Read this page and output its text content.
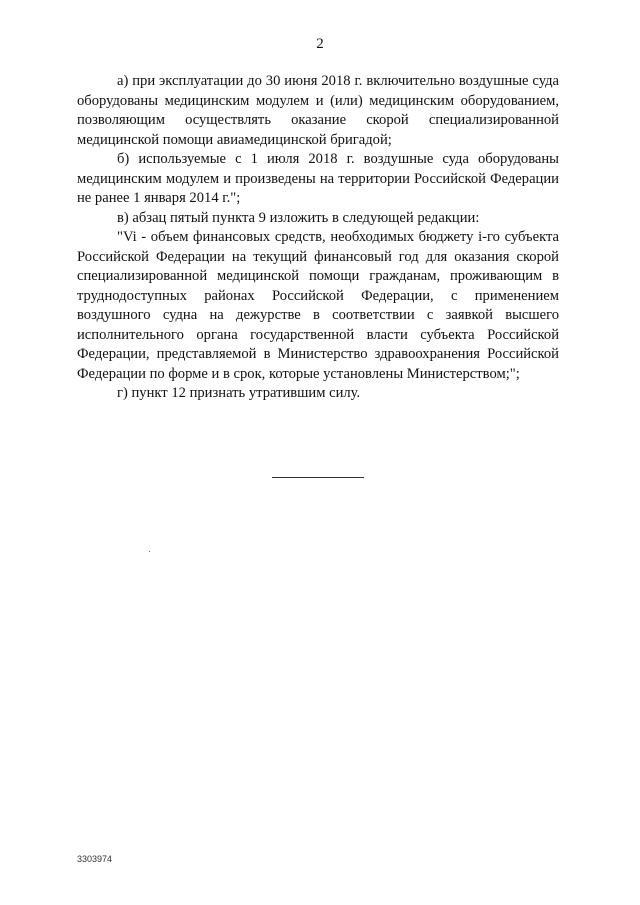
2

а) при эксплуатации до 30 июня 2018 г. включительно воздушные суда оборудованы медицинским модулем и (или) медицинским оборудованием, позволяющим осуществлять оказание скорой специализированной медицинской помощи авиамедицинской бригадой;

б) используемые с 1 июля 2018 г. воздушные суда оборудованы медицинским модулем и произведены на территории Российской Федерации не ранее 1 января 2014 г.";

в) абзац пятый пункта 9 изложить в следующей редакции:

"Vi - объем финансовых средств, необходимых бюджету i-го субъекта Российской Федерации на текущий финансовый год для оказания скорой специализированной медицинской помощи гражданам, проживающим в труднодоступных районах Российской Федерации, с применением воздушного судна на дежурстве в соответствии с заявкой высшего исполнительного органа государственной власти субъекта Российской Федерации, представляемой в Министерство здравоохранения Российской Федерации по форме и в срок, которые установлены Министерством;";

г) пункт 12 признать утратившим силу.

3303974
